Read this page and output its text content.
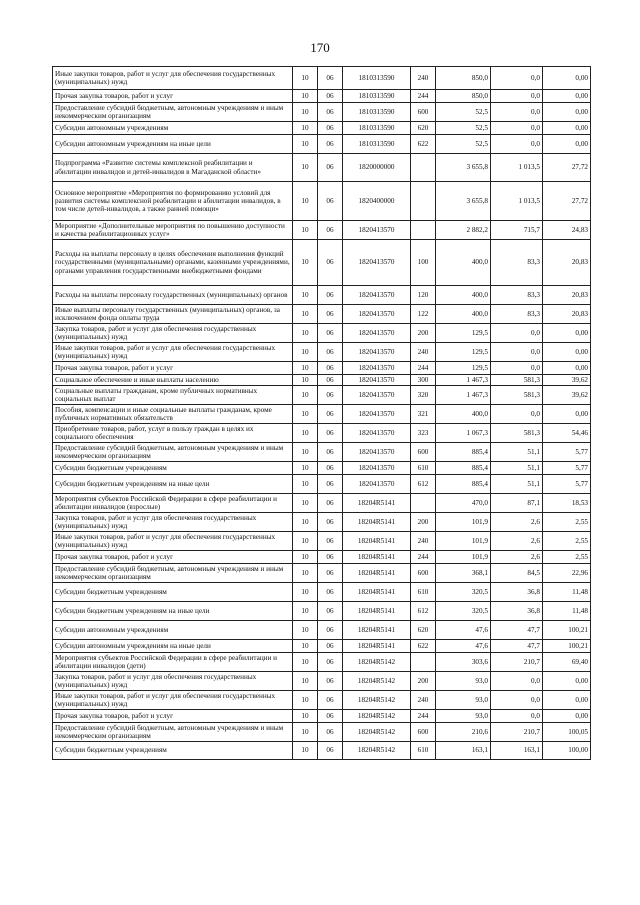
170
Иные закупки товаров, работ и услуг для обеспечения государственных (муниципальных) нужд	10	06	1810313590	240	850,0	0,0	0,00
Прочая закупка товаров, работ и услуг	10	06	1810313590	244	850,0	0,0	0,00
Предоставление субсидий бюджетным, автономным учреждениям и иным некоммерческим организациям	10	06	1810313590	600	52,5	0,0	0,00
Субсидии автономным учреждениям	10	06	1810313590	620	52,5	0,0	0,00
Субсидии автономным учреждениям на иные цели	10	06	1810313590	622	52,5	0,0	0,00
Подпрограмма «Развитие системы комплексной реабилитации и абилитации инвалидов и детей-инвалидов в Магаданской области»	10	06	1820000000		3 655,8	1 013,5	27,72
Основное мероприятие «Мероприятия по формированию условий для развития системы комплексной реабилитации и абилитации инвалидов, в том числе детей-инвалидов, а также ранней помощи»	10	06	1820400000		3 655,8	1 013,5	27,72
Мероприятие «Дополнительные мероприятия по повышению доступности и качества реабилитационных услуг»	10	06	1820413570		2 882,2	715,7	24,83
Расходы на выплаты персоналу в целях обеспечения выполнения функций государственными (муниципальными) органами, казенными учреждениями, органами управления государственными внебюджетными фондами	10	06	1820413570	100	400,0	83,3	20,83
Расходы на выплаты персоналу государственных (муниципальных) органов	10	06	1820413570	120	400,0	83,3	20,83
Иные выплаты персоналу государственных (муниципальных) органов, за исключением фонда оплаты труда	10	06	1820413570	122	400,0	83,3	20,83
Закупка товаров, работ и услуг для обеспечения государственных (муниципальных) нужд	10	06	1820413570	200	129,5	0,0	0,00
Иные закупки товаров, работ и услуг для обеспечения государственных (муниципальных) нужд	10	06	1820413570	240	129,5	0,0	0,00
Прочая закупка товаров, работ и услуг	10	06	1820413570	244	129,5	0,0	0,00
Социальное обеспечение и иные выплаты населению	10	06	1820413570	300	1 467,3	581,3	39,62
Социальные выплаты гражданам, кроме публичных нормативных социальных выплат	10	06	1820413570	320	1 467,3	581,3	39,62
Пособия, компенсации и иные социальные выплаты гражданам, кроме публичных нормативных обязательств	10	06	1820413570	321	400,0	0,0	0,00
Приобретение товаров, работ, услуг в пользу граждан в целях их социального обеспечения	10	06	1820413570	323	1 067,3	581,3	54,46
Предоставление субсидий бюджетным, автономным учреждениям и иным некоммерческим организациям	10	06	1820413570	600	885,4	51,1	5,77
Субсидии бюджетным учреждениям	10	06	1820413570	610	885,4	51,1	5,77
Субсидии бюджетным учреждениям на иные цели	10	06	1820413570	612	885,4	51,1	5,77
Мероприятия субъектов Российской Федерации в сфере реабилитации и абилитации инвалидов (взрослые)	10	06	18204R5141		470,0	87,1	18,53
Закупка товаров, работ и услуг для обеспечения государственных (муниципальных) нужд	10	06	18204R5141	200	101,9	2,6	2,55
Иные закупки товаров, работ и услуг для обеспечения государственных (муниципальных) нужд	10	06	18204R5141	240	101,9	2,6	2,55
Прочая закупка товаров, работ и услуг	10	06	18204R5141	244	101,9	2,6	2,55
Предоставление субсидий бюджетным, автономным учреждениям и иным некоммерческим организациям	10	06	18204R5141	600	368,1	84,5	22,96
Субсидии бюджетным учреждениям	10	06	18204R5141	610	320,5	36,8	11,48
Субсидии бюджетным учреждениям на иные цели	10	06	18204R5141	612	320,5	36,8	11,48
Субсидии автономным учреждениям	10	06	18204R5141	620	47,6	47,7	100,21
Субсидии автономным учреждениям на иные цели	10	06	18204R5141	622	47,6	47,7	100,21
Мероприятия субъектов Российской Федерации в сфере реабилитации и абилитации инвалидов (дети)	10	06	18204R5142		303,6	210,7	69,40
Закупка товаров, работ и услуг для обеспечения государственных (муниципальных) нужд	10	06	18204R5142	200	93,0	0,0	0,00
Иные закупки товаров, работ и услуг для обеспечения государственных (муниципальных) нужд	10	06	18204R5142	240	93,0	0,0	0,00
Прочая закупка товаров, работ и услуг	10	06	18204R5142	244	93,0	0,0	0,00
Предоставление субсидий бюджетным, автономным учреждениям и иным некоммерческим организациям	10	06	18204R5142	600	210,6	210,7	100,05
Субсидии бюджетным учреждениям	10	06	18204R5142	610	163,1	163,1	100,00
